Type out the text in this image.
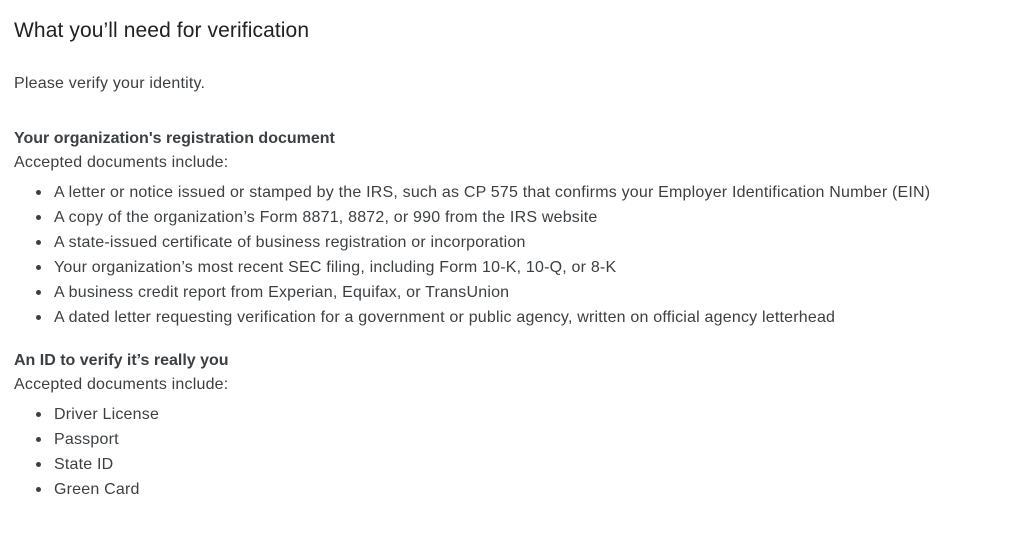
What you’ll need for verification

Please verify your identity.

Your organization's registration document

Accepted documents include:

A letter or notice issued or stamped by the IRS, such as CP 575 that confirms your Employer Identification Number (EIN)
A copy of the organization’s Form 8871, 8872, or 990 from the IRS website
A state-issued certificate of business registration or incorporation
Your organization’s most recent SEC filing, including Form 10-K, 10-Q, or 8-K
A business credit report from Experian, Equifax, or TransUnion
A dated letter requesting verification for a government or public agency, written on official agency letterhead
An ID to verify it’s really you

Accepted documents include:

Driver License
Passport
State ID
Green Card
